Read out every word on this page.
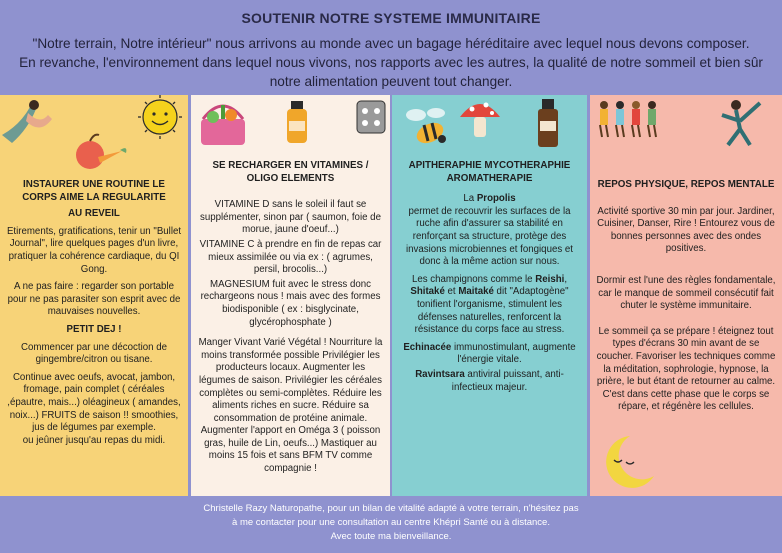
SOUTENIR NOTRE SYSTEME IMMUNITAIRE
"Notre terrain, Notre intérieur" nous arrivons au monde avec un bagage héréditaire avec lequel nous devons composer.
En revanche, l'environnement dans lequel nous vivons, nos rapports avec les autres, la qualité de notre sommeil et bien sûr notre alimentation peuvent tout changer.
INSTAURER UNE ROUTINE LE CORPS AIME LA REGULARITE
AU REVEIL

Etirements, gratifications, tenir un "Bullet Journal", lire quelques pages d'un livre, pratiquer la cohérence cardiaque, du QI Gong.

A ne pas faire : regarder son portable pour ne pas parasiter son esprit avec de mauvaises nouvelles.

PETIT DEJ !

Commencer par une décoction de gingembre/citron ou tisane.

Continue avec oeufs, avocat, jambon, fromage, pain complet ( céréales ,épautre, mais...) oléagineux ( amandes, noix...) FRUITS de saison !! smoothies, jus de légumes par exemple.

ou jeûner jusqu'au repas du midi.

SE RECHARGER EN VITAMINES / OLIGO ELEMENTS

VITAMINE D sans le soleil il faut se supplémenter, sinon par ( saumon, foie de morue, jaune d'oeuf...)

VITAMINE C à prendre en fin de repas car mieux assimilée ou via ex : ( agrumes, persil, brocolis...)

MAGNESIUM fuit avec le stress donc rechargeons nous ! mais avec des formes biodisponible ( ex : bisglycinate, glycérophosphate )

Manger Vivant Varié Végétal ! Nourriture la moins transformée possible Privilégier les producteurs locaux. Augmenter les légumes de saison. Privilégier les céréales complètes ou semi-complètes. Réduire les aliments riches en sucre. Réduire sa consommation de protéine animale. Augmenter l'apport en Oméga 3 ( poisson gras, huile de Lin, oeufs...) Mastiquer au moins 15 fois et sans BFM TV comme compagnie !

APITHERAPHIE MYCOTHERAPHIE AROMATHERAPIE

La Propolis
permet de recouvrir les surfaces de la ruche afin d'assurer sa stabilité en renforçant sa structure, protège des invasions microbiennes et fongiques et donc à la même action sur nous.

Les champignons comme le Reishi, Shitaké et Maitaké dit "Adaptogène" tonifient l'organisme, stimulent les défenses naturelles, renforcent la résistance du corps face au stress.

Echinacée immunostimulant, augmente l'énergie vitale.

Ravintsara antiviral puissant, anti-infectieux majeur.

REPOS PHYSIQUE, REPOS MENTALE

Activité sportive 30 min par jour. Jardiner, Cuisiner, Danser, Rire ! Entourez vous de bonnes personnes avec des ondes positives.

Dormir est l'une des règles fondamentale, car le manque de sommeil consécutif fait chuter le système immunitaire.

Le sommeil ça se prépare ! éteignez tout types d'écrans 30 min avant de se coucher. Favoriser les techniques comme la méditation, sophrologie, hypnose, la prière, le but étant de retourner au calme. C'est dans cette phase que le corps se répare, et régénère les cellules.

Christelle Razy Naturopathe, pour un bilan de vitalité adapté à votre terrain, n'hésitez pas
à me contacter pour une consultation au centre Khépri Santé ou à distance.
Avec toute ma bienveillance.
